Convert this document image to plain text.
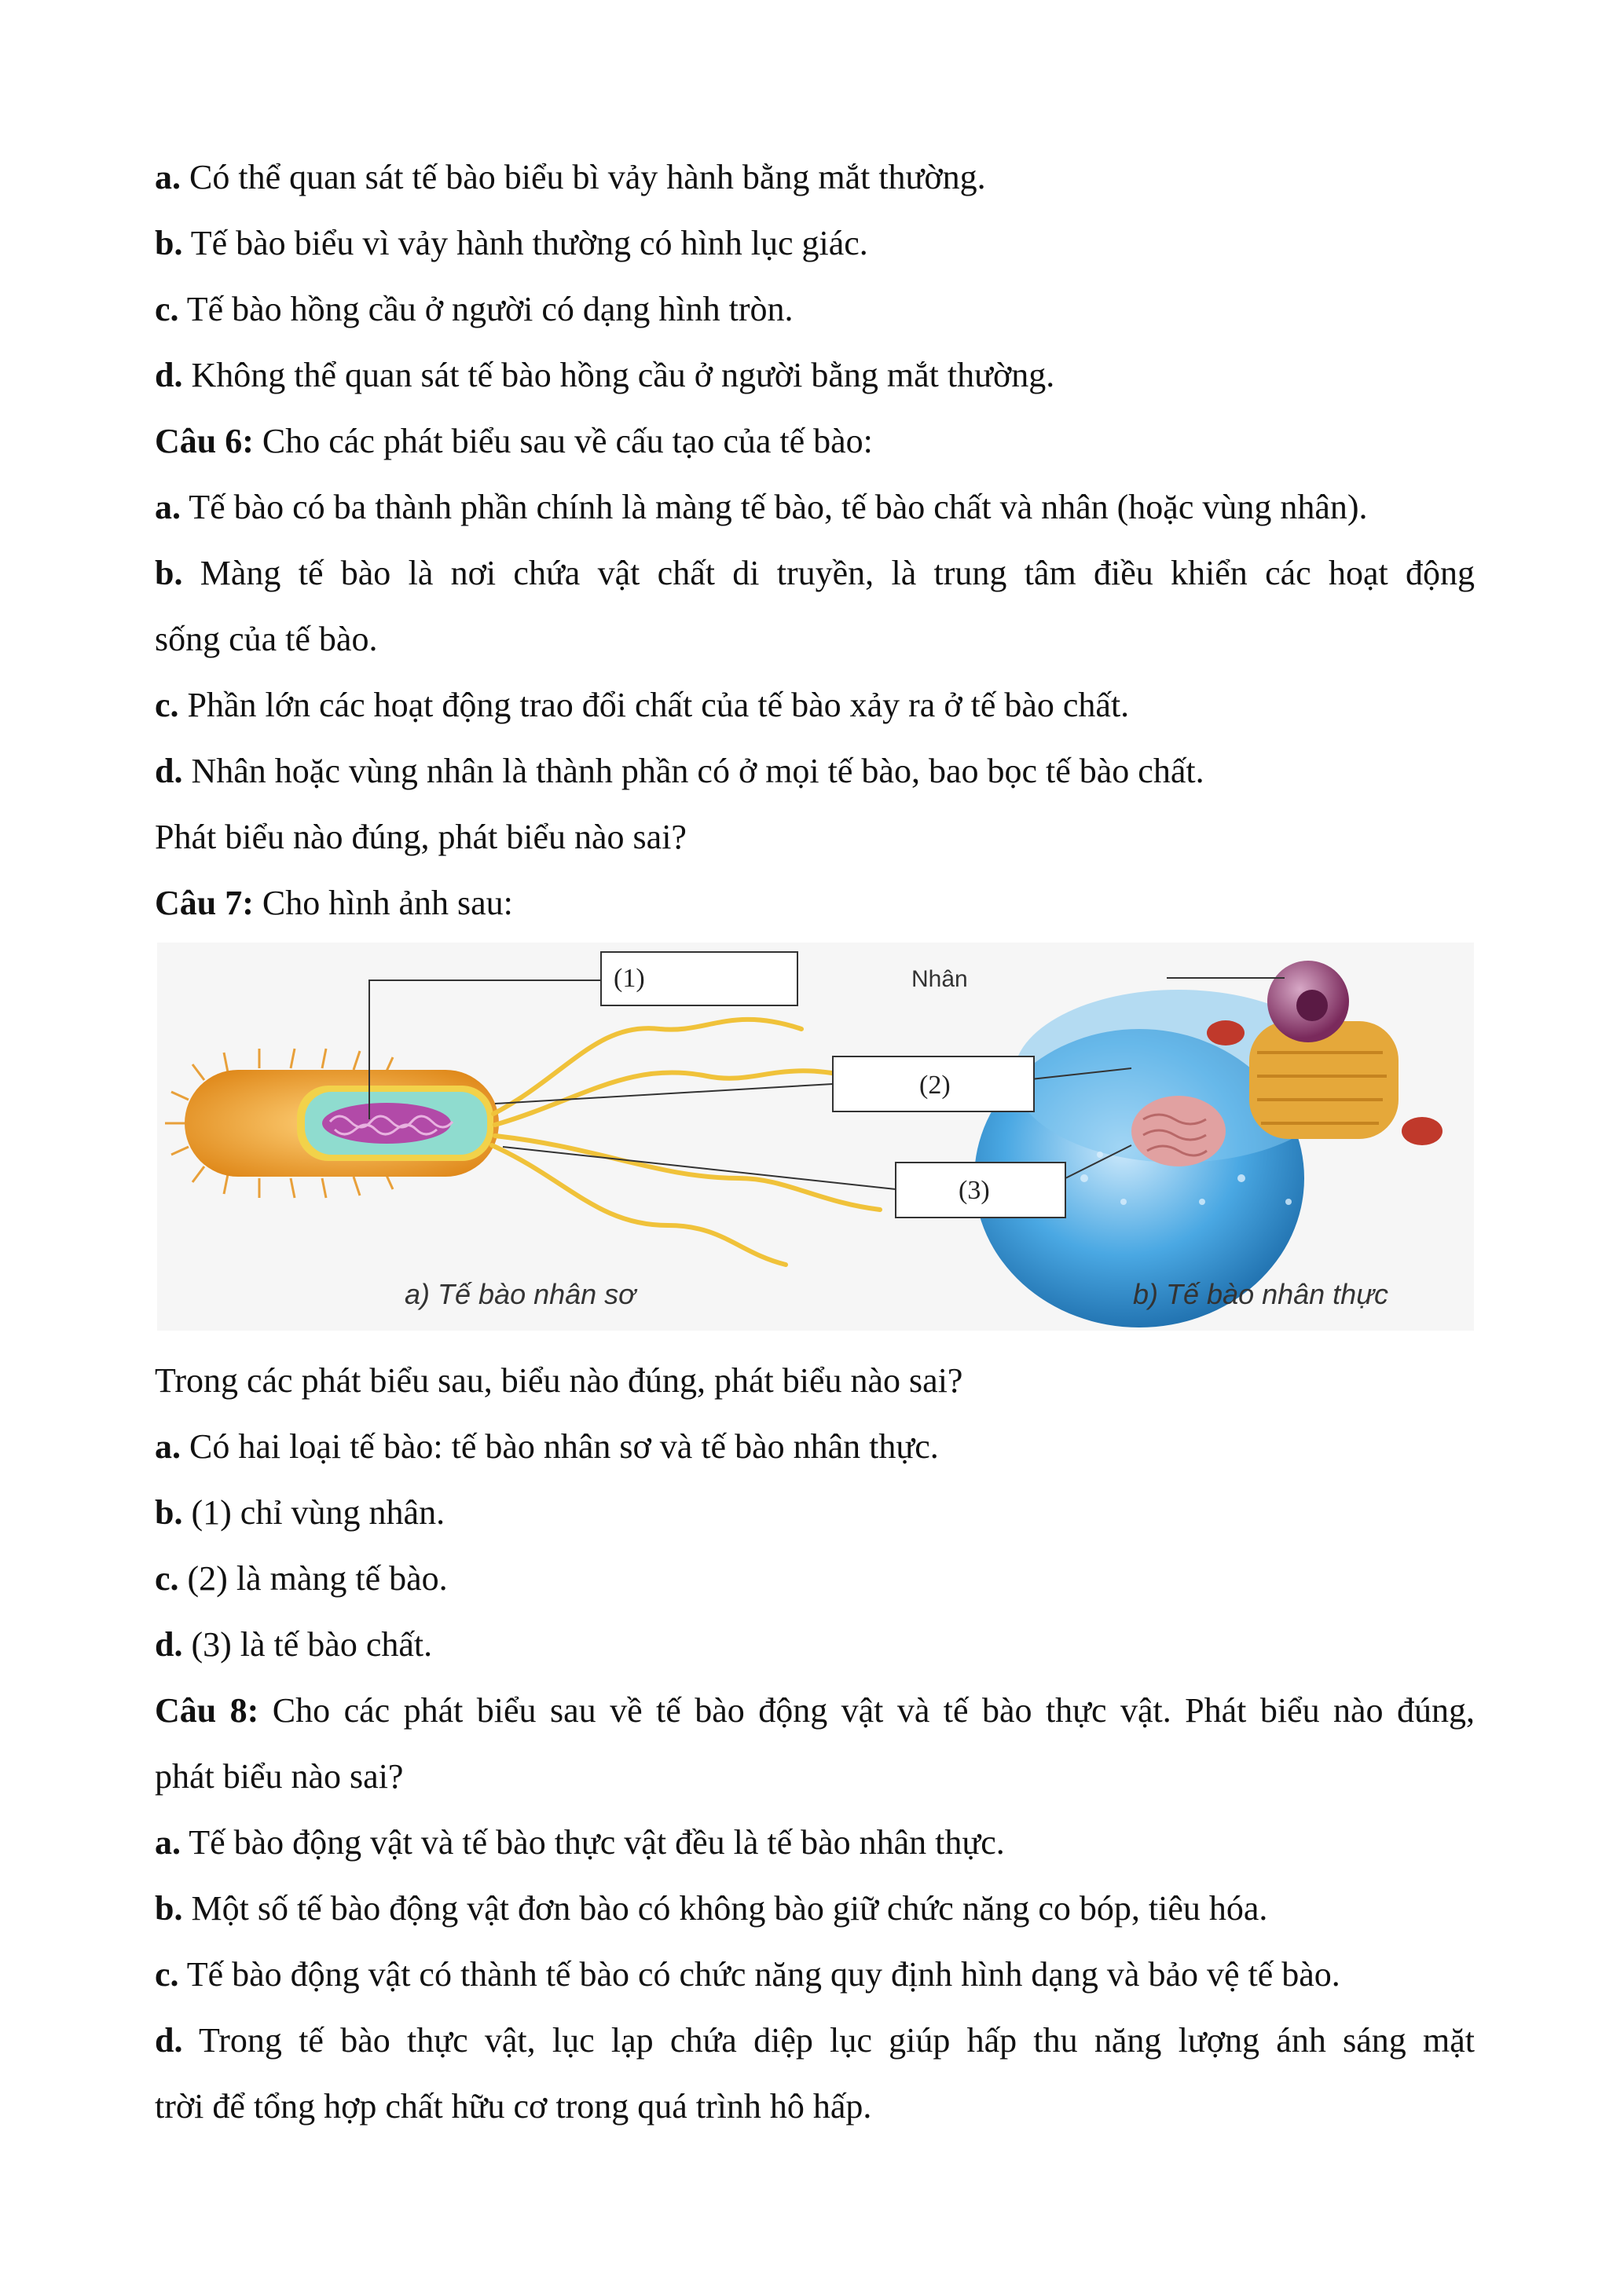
a. Có thể quan sát tế bào biểu bì vảy hành bằng mắt thường.
b. Tế bào biểu vì vảy hành thường có hình lục giác.
c. Tế bào hồng cầu ở người có dạng hình tròn.
d. Không thể quan sát tế bào hồng cầu ở người bằng mắt thường.
Câu 6: Cho các phát biểu sau về cấu tạo của tế bào:
a. Tế bào có ba thành phần chính là màng tế bào, tế bào chất và nhân (hoặc vùng nhân).
b. Màng tế bào là nơi chứa vật chất di truyền, là trung tâm điều khiển các hoạt động
sống của tế bào.
c. Phần lớn các hoạt động trao đổi chất của tế bào xảy ra ở tế bào chất.
d. Nhân hoặc vùng nhân là thành phần có ở mọi tế bào, bao bọc tế bào chất.
Phát biểu nào đúng, phát biểu nào sai?
Câu 7: Cho hình ảnh sau:
(1)
(2)
(3)
Nhân
a) Tế bào nhân sơ	b) Tế bào nhân thực
Trong các phát biểu sau, biểu nào đúng, phát biểu nào sai?
a. Có hai loại tế bào: tế bào nhân sơ và tế bào nhân thực.
b. (1) chỉ vùng nhân.
c. (2) là màng tế bào.
d. (3) là tế bào chất.
Câu 8: Cho các phát biểu sau về tế bào động vật và tế bào thực vật. Phát biểu nào đúng,
phát biểu nào sai?
a. Tế bào động vật và tế bào thực vật đều là tế bào nhân thực.
b. Một số tế bào động vật đơn bào có không bào giữ chức năng co bóp, tiêu hóa.
c. Tế bào động vật có thành tế bào có chức năng quy định hình dạng và bảo vệ tế bào.
d. Trong tế bào thực vật, lục lạp chứa diệp lục giúp hấp thu năng lượng ánh sáng mặt
trời để tổng hợp chất hữu cơ trong quá trình hô hấp.
